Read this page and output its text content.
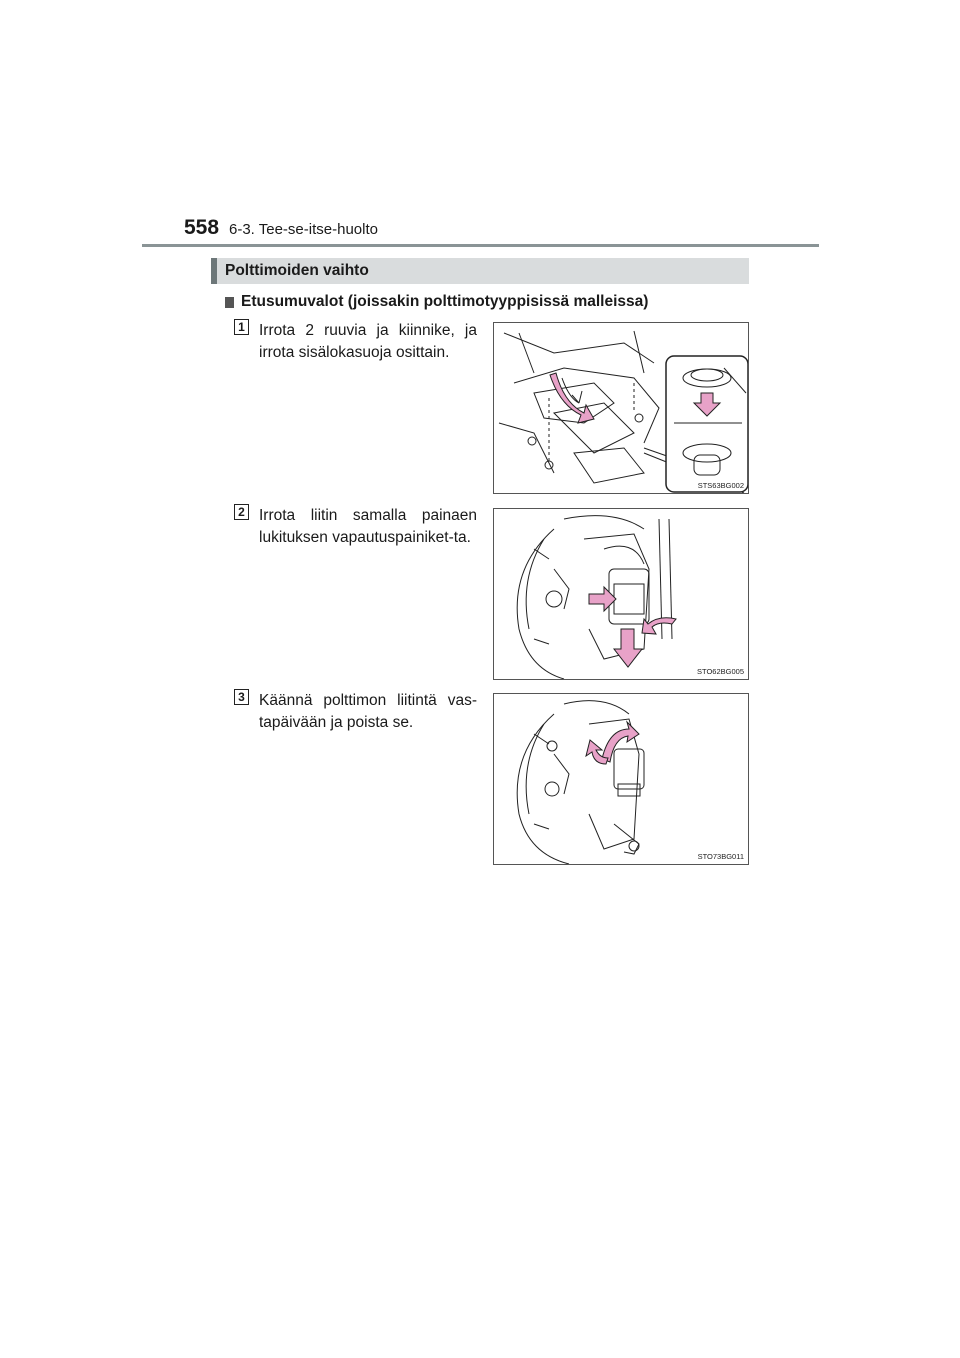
558 6-3. Tee-se-itse-huolto
Polttimoiden vaihto
Etusumuvalot (joissakin polttimotyyppisissä malleissa)
1 Irrota 2 ruuvia ja kiinnike, ja irrota sisälokasuoja osittain.
STS63BG002
2 Irrota liitin samalla painaen lukituksen vapautuspainiket-ta.
STO62BG005
3 Käännä polttimon liitintä vas-tapäivään ja poista se.
STO73BG011
